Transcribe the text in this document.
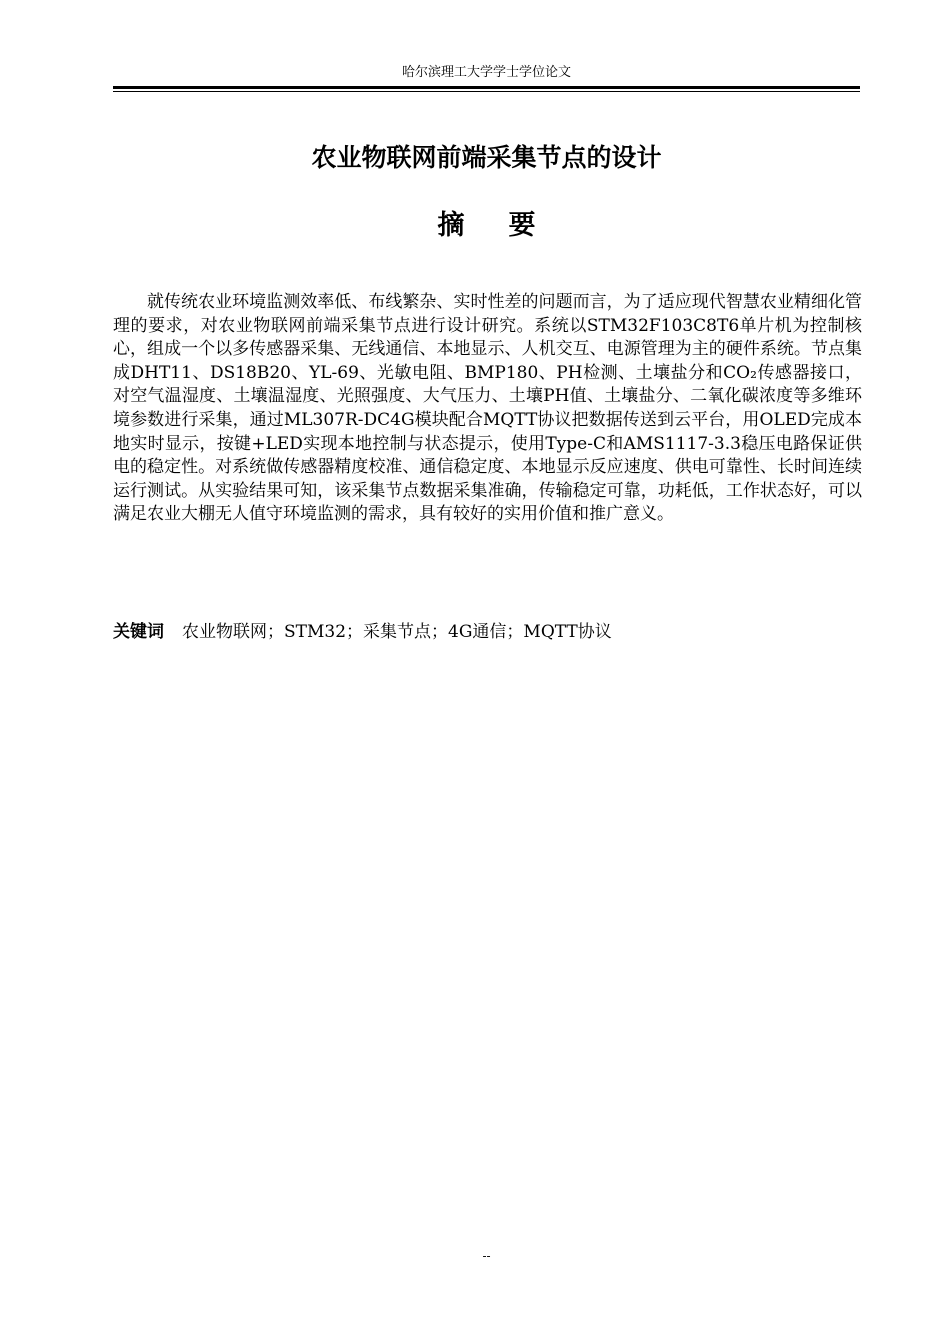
哈尔滨理工大学学士学位论文
农业物联网前端采集节点的设计
摘要

就传统农业环境监测效率低、布线繁杂、实时性差的问题而言，为了适应现代智慧农业精细化管理的要求，对农业物联网前端采集节点进行设计研究。系统以STM32F103C8T6单片机为控制核心，组成一个以多传感器采集、无线通信、本地显示、人机交互、电源管理为主的硬件系统。节点集成DHT11、DS18B20、YL-69、光敏电阻、BMP180、PH检测、土壤盐分和CO₂传感器接口，对空气温湿度、土壤温湿度、光照强度、大气压力、土壤PH值、土壤盐分、二氧化碳浓度等多维环境参数进行采集，通过ML307R-DC4G模块配合MQTT协议把数据传送到云平台，用OLED完成本地实时显示，按键+LED实现本地控制与状态提示，使用Type-C和AMS1117-3.3稳压电路保证供电的稳定性。对系统做传感器精度校准、通信稳定度、本地显示反应速度、供电可靠性、长时间连续运行测试。从实验结果可知，该采集节点数据采集准确，传输稳定可靠，功耗低，工作状态好，可以满足农业大棚无人值守环境监测的需求，具有较好的实用价值和推广意义。

关键词 农业物联网；STM32；采集节点；4G通信；MQTT协议

--
